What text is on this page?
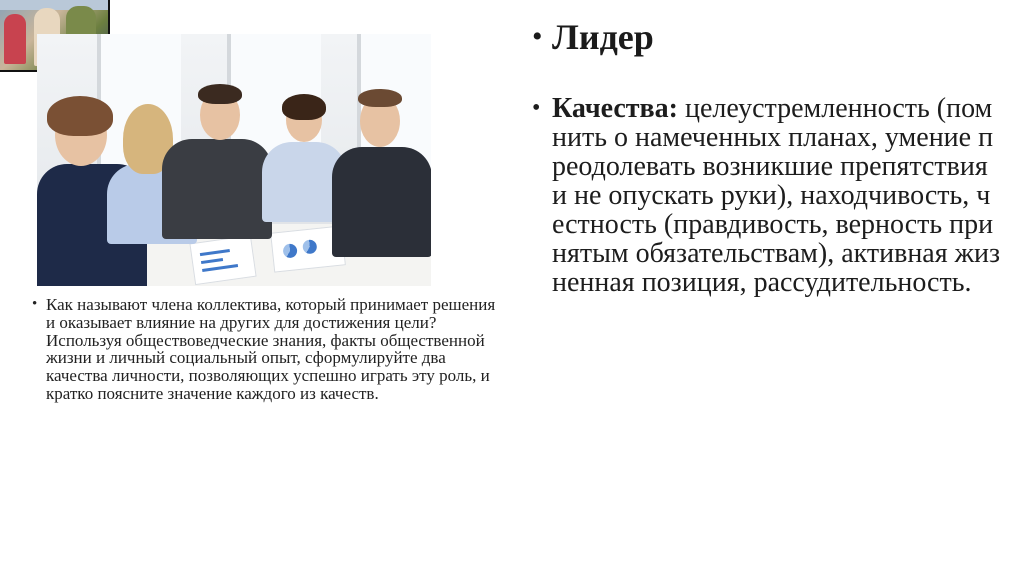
• Как называют члена коллектива, который принимает решения и оказывает влияние на других для достижения цели? Используя обществоведческие знания, факты общественной жизни и личный социальный опыт, сформулируйте два качества личности, позволяющих успешно играть эту роль, и кратко поясните значение каждого из качеств.
• Лидер
• Качества: целеустремленность (помнить о намеченных планах, умение преодолевать возникшие препятствия и не опускать руки), находчивость, честность (правдивость, верность принятым обязательствам), активная жизненная позиция, рассудительность.
